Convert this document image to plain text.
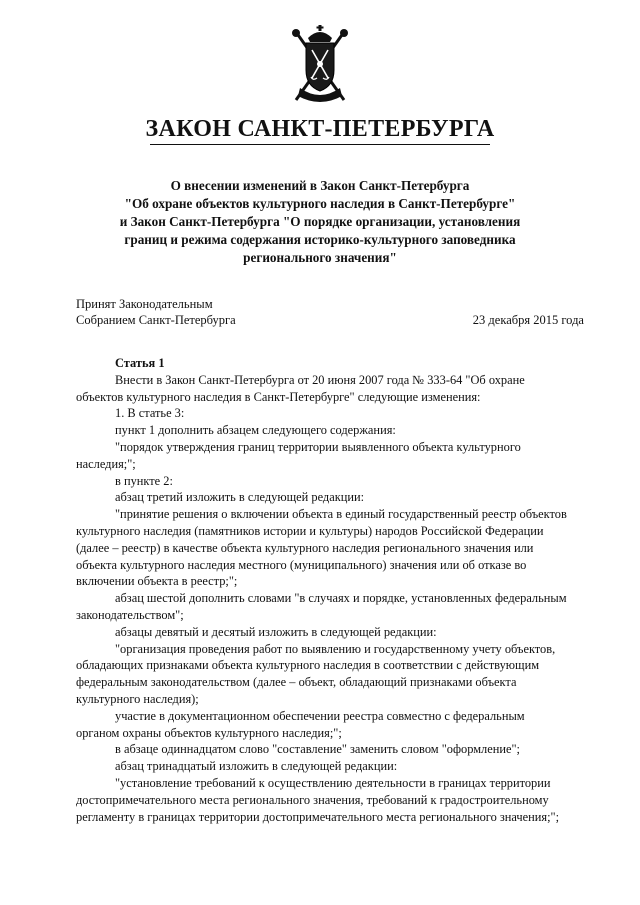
ЗАКОН САНКТ-ПЕТЕРБУРГА
О внесении изменений в Закон Санкт-Петербурга
"Об охране объектов культурного наследия в Санкт-Петербурге"
и Закон Санкт-Петербурга "О порядке организации, установления
границ и режима содержания историко-культурного заповедника
регионального значения"
Принят Законодательным
Собранием Санкт-Петербурга	23 декабря 2015 года
Статья 1
Внести в Закон Санкт-Петербурга от 20 июня 2007 года № 333-64 "Об охране
объектов культурного наследия в Санкт-Петербурге" следующие изменения:
1. В статье 3:
пункт 1 дополнить абзацем следующего содержания:
"порядок утверждения границ территории выявленного объекта культурного
наследия;";
в пункте 2:
абзац третий изложить в следующей редакции:
"принятие решения о включении объекта в единый государственный реестр объектов
культурного наследия (памятников истории и культуры) народов Российской Федерации
(далее – реестр) в качестве объекта культурного наследия регионального значения или
объекта культурного наследия местного (муниципального) значения или об отказе во
включении объекта в реестр;";
абзац шестой дополнить словами "в случаях и порядке, установленных федеральным
законодательством";
абзацы девятый и десятый изложить в следующей редакции:
"организация проведения работ по выявлению и государственному учету объектов,
обладающих признаками объекта культурного наследия в соответствии с действующим
федеральным законодательством (далее – объект, обладающий признаками объекта
культурного наследия);
участие в документационном обеспечении реестра совместно с федеральным
органом охраны объектов культурного наследия;";
в абзаце одиннадцатом слово "составление" заменить словом "оформление";
абзац тринадцатый изложить в следующей редакции:
"установление требований к осуществлению деятельности в границах территории
достопримечательного места регионального значения, требований к градостроительному
регламенту в границах территории достопримечательного места регионального значения;";
